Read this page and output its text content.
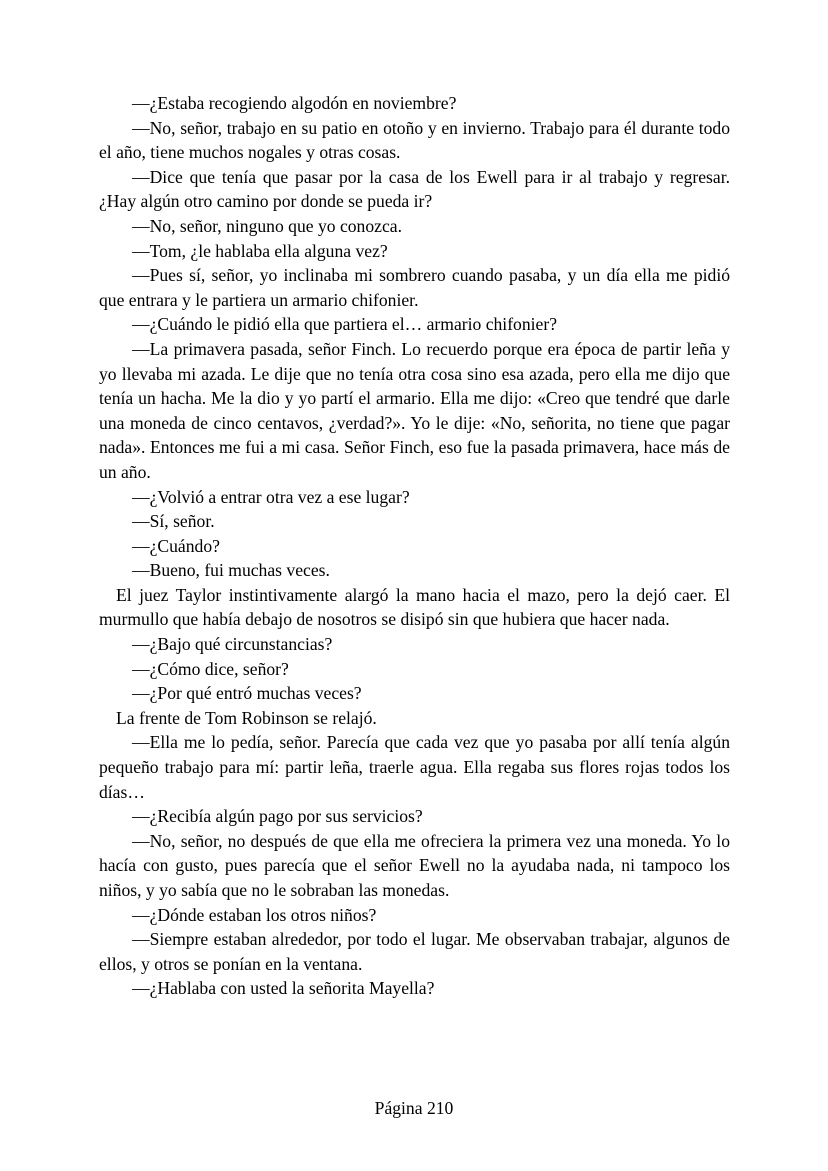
—¿Estaba recogiendo algodón en noviembre?

—No, señor, trabajo en su patio en otoño y en invierno. Trabajo para él durante todo el año, tiene muchos nogales y otras cosas.

—Dice que tenía que pasar por la casa de los Ewell para ir al trabajo y regresar. ¿Hay algún otro camino por donde se pueda ir?

—No, señor, ninguno que yo conozca.

—Tom, ¿le hablaba ella alguna vez?

—Pues sí, señor, yo inclinaba mi sombrero cuando pasaba, y un día ella me pidió que entrara y le partiera un armario chifonier.

—¿Cuándo le pidió ella que partiera el… armario chifonier?

—La primavera pasada, señor Finch. Lo recuerdo porque era época de partir leña y yo llevaba mi azada. Le dije que no tenía otra cosa sino esa azada, pero ella me dijo que tenía un hacha. Me la dio y yo partí el armario. Ella me dijo: «Creo que tendré que darle una moneda de cinco centavos, ¿verdad?». Yo le dije: «No, señorita, no tiene que pagar nada». Entonces me fui a mi casa. Señor Finch, eso fue la pasada primavera, hace más de un año.

—¿Volvió a entrar otra vez a ese lugar?

—Sí, señor.

—¿Cuándo?

—Bueno, fui muchas veces.

El juez Taylor instintivamente alargó la mano hacia el mazo, pero la dejó caer. El murmullo que había debajo de nosotros se disipó sin que hubiera que hacer nada.

—¿Bajo qué circunstancias?

—¿Cómo dice, señor?

—¿Por qué entró muchas veces?

La frente de Tom Robinson se relajó.

—Ella me lo pedía, señor. Parecía que cada vez que yo pasaba por allí tenía algún pequeño trabajo para mí: partir leña, traerle agua. Ella regaba sus flores rojas todos los días…

—¿Recibía algún pago por sus servicios?

—No, señor, no después de que ella me ofreciera la primera vez una moneda. Yo lo hacía con gusto, pues parecía que el señor Ewell no la ayudaba nada, ni tampoco los niños, y yo sabía que no le sobraban las monedas.

—¿Dónde estaban los otros niños?

—Siempre estaban alrededor, por todo el lugar. Me observaban trabajar, algunos de ellos, y otros se ponían en la ventana.

—¿Hablaba con usted la señorita Mayella?

Página 210
